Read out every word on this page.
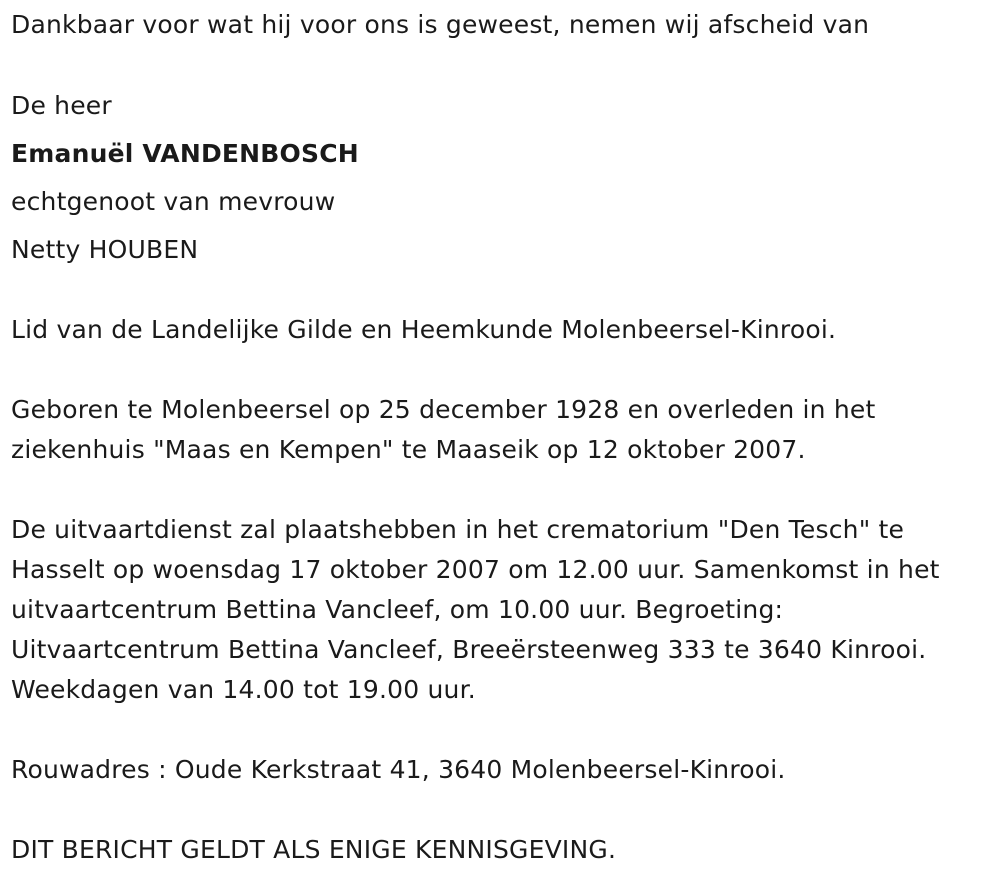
Dankbaar voor wat hij voor ons is geweest, nemen wij afscheid van
De heer
Emanuël VANDENBOSCH
echtgenoot van mevrouw
Netty HOUBEN
Lid van de Landelijke Gilde en Heemkunde Molenbeersel-Kinrooi.
Geboren te Molenbeersel op 25 december 1928 en overleden in het
ziekenhuis "Maas en Kempen" te Maaseik op 12 oktober 2007.
De uitvaartdienst zal plaatshebben in het crematorium "Den Tesch" te
Hasselt op woensdag 17 oktober 2007 om 12.00 uur. Samenkomst in het
uitvaartcentrum Bettina Vancleef, om 10.00 uur. Begroeting:
Uitvaartcentrum Bettina Vancleef, Breeërsteenweg 333 te 3640 Kinrooi.
Weekdagen van 14.00 tot 19.00 uur.
Rouwadres : Oude Kerkstraat 41, 3640 Molenbeersel-Kinrooi.
DIT BERICHT GELDT ALS ENIGE KENNISGEVING.
